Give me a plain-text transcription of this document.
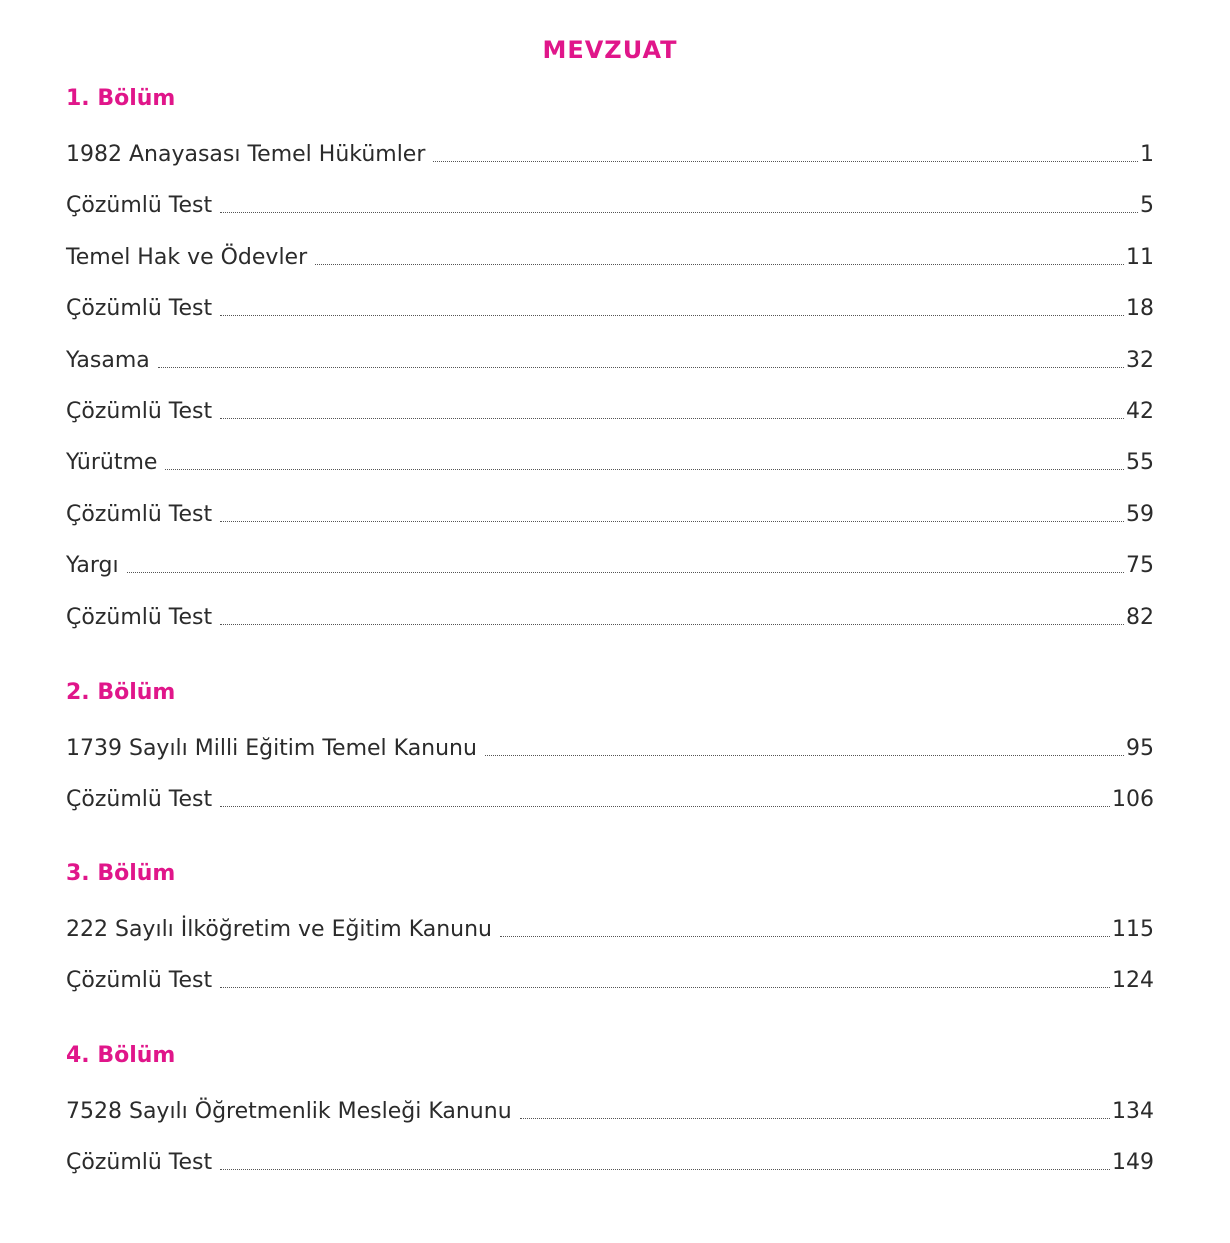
MEVZUAT
1. Bölüm
1982 Anayasası Temel Hükümler	1
Çözümlü Test	5
Temel Hak ve Ödevler	11
Çözümlü Test	18
Yasama	32
Çözümlü Test	42
Yürütme	55
Çözümlü Test	59
Yargı	75
Çözümlü Test	82
2. Bölüm
1739 Sayılı Milli Eğitim Temel Kanunu	95
Çözümlü Test	106
3. Bölüm
222 Sayılı İlköğretim ve Eğitim Kanunu	115
Çözümlü Test	124
4. Bölüm
7528 Sayılı Öğretmenlik Mesleği Kanunu	134
Çözümlü Test	149
